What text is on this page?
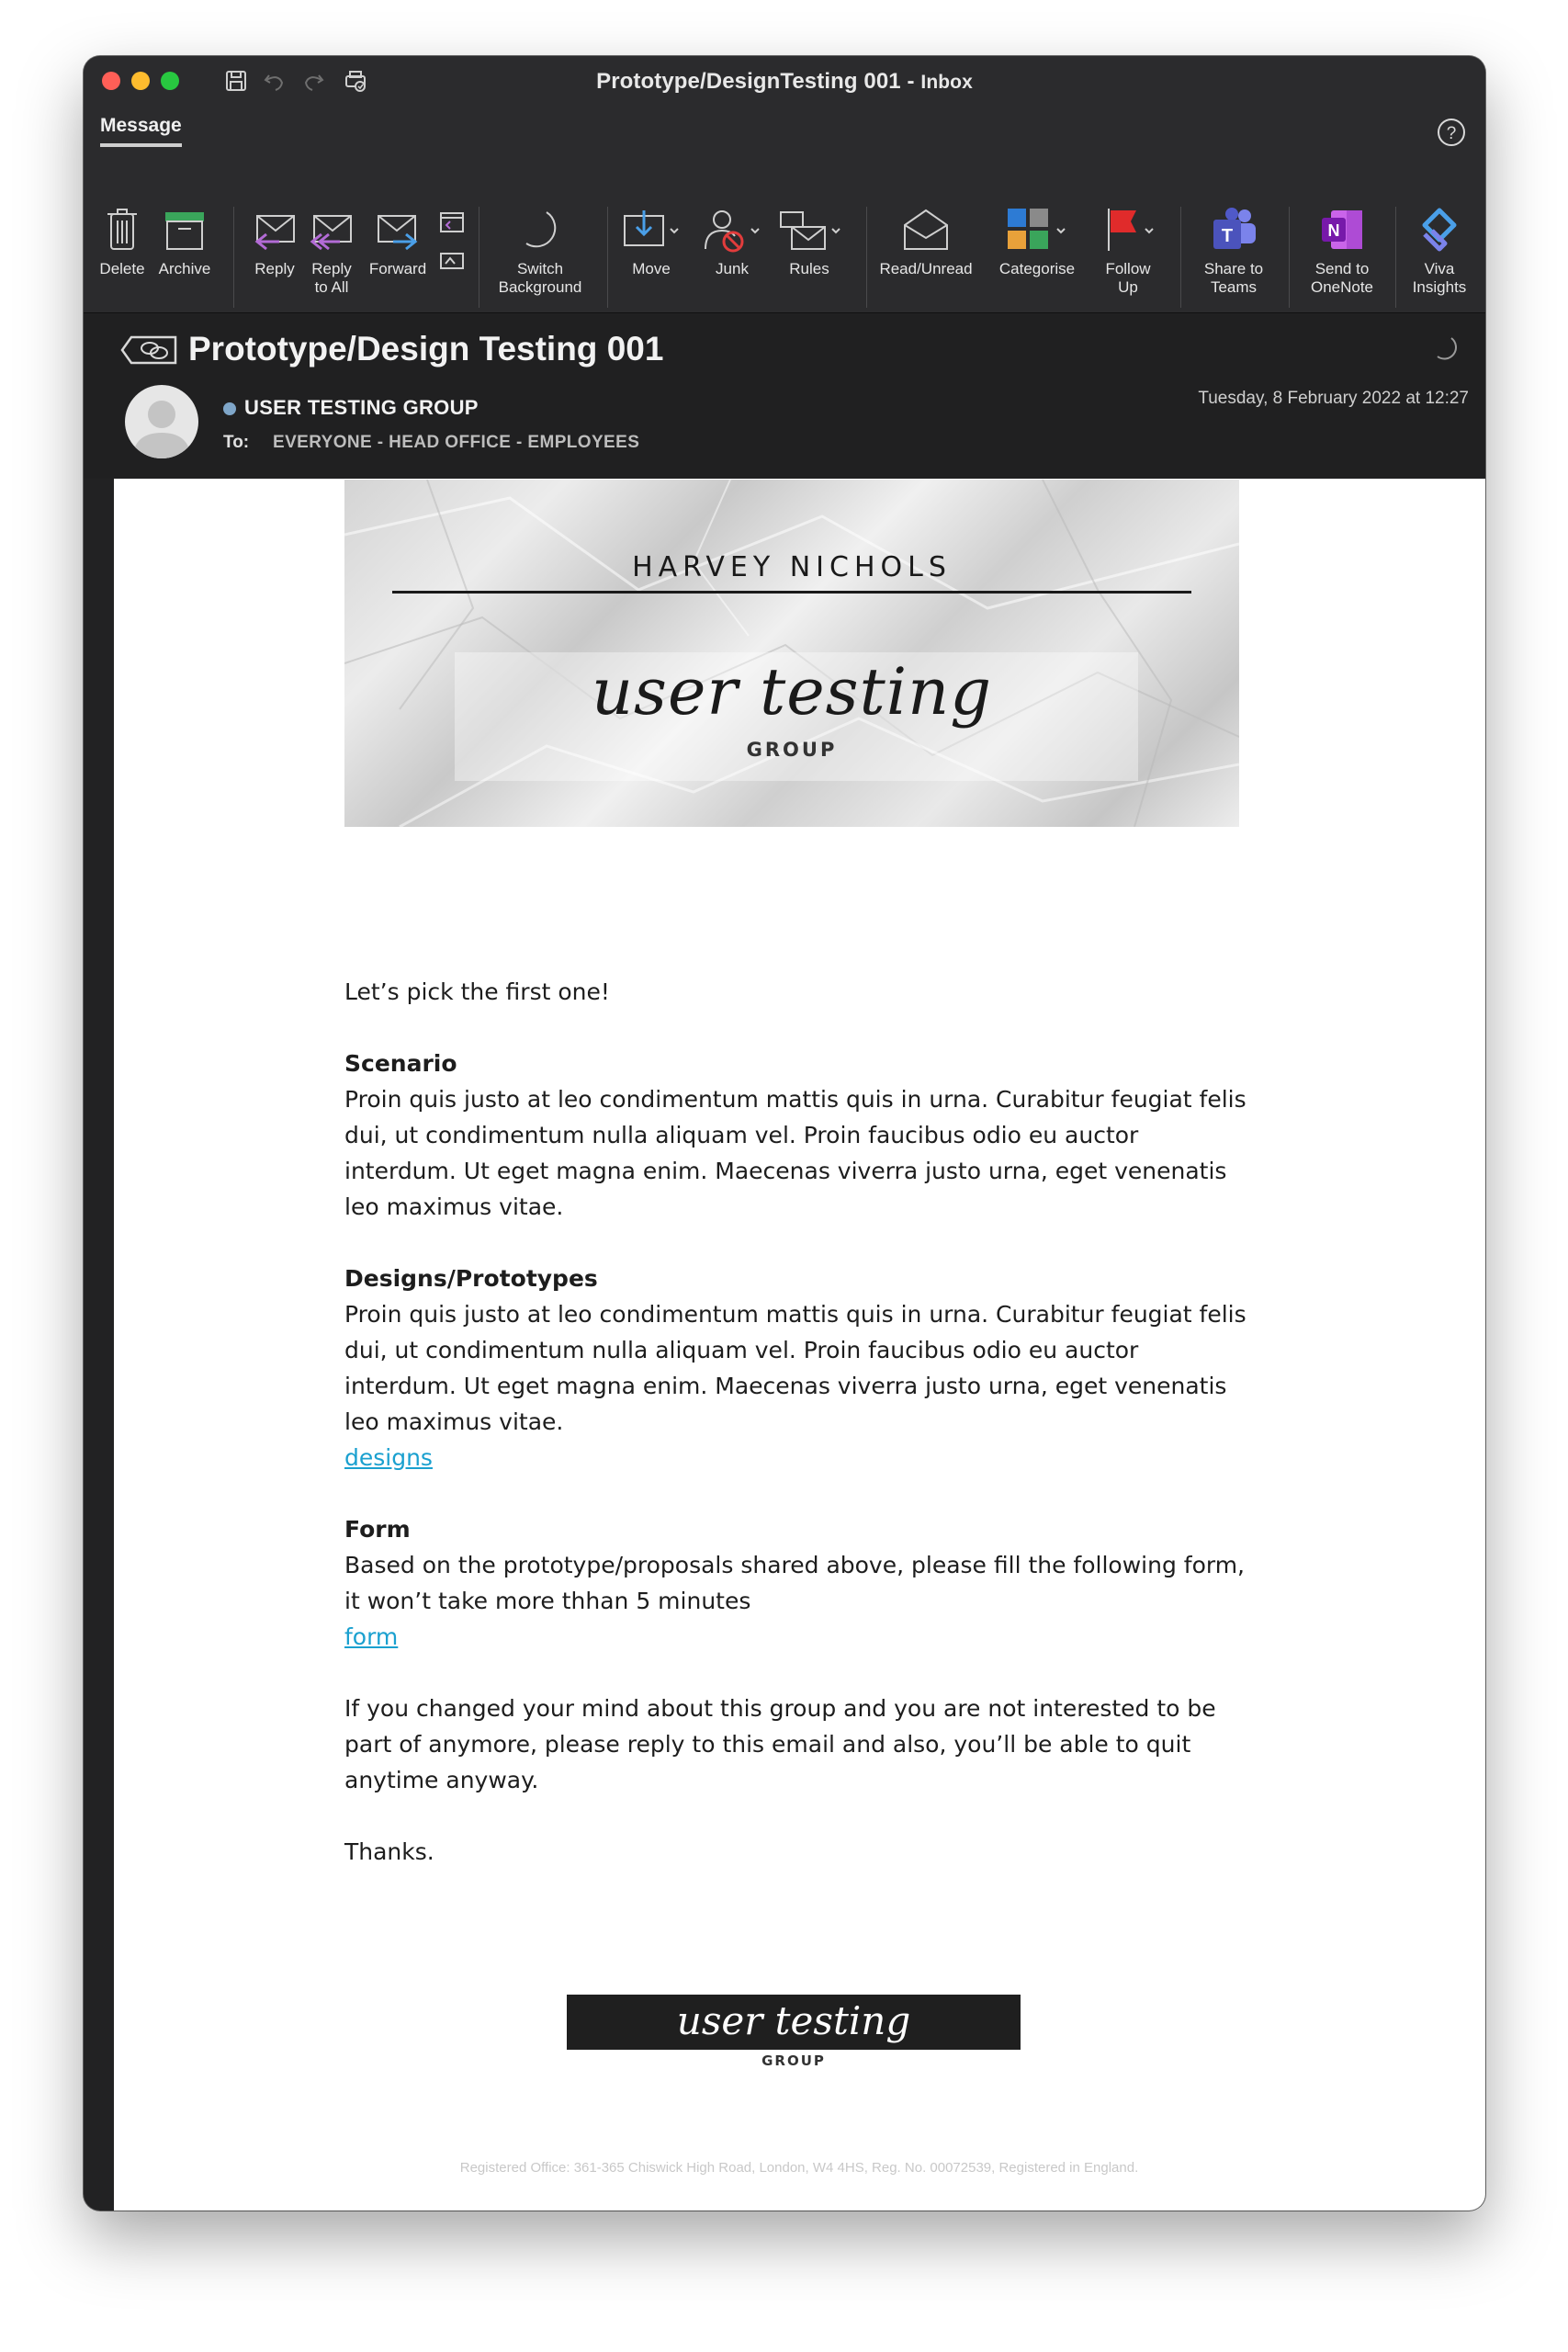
Prototype/DesignTesting 001 - Inbox
Message	?
Delete Archive	Reply	Reply
to All
Forward	Switch
Background
Move	Junk	Rules	Read/Unread	Categorise	Follow
Up
T
Share to
Teams
N
Send to
OneNote
Viva
Insights
Prototype/Design Testing 001
USER TESTING GROUP
To: EVERYONE - HEAD OFFICE - EMPLOYEES
Tuesday, 8 February 2022 at 12:27
HARVEY NICHOLS
user testing
GROUP

Let’s pick the first one!

Scenario

Proin quis justo at leo condimentum mattis quis in urna. Curabitur feugiat felis dui, ut condimentum nulla aliquam vel. Proin faucibus odio eu auctor interdum. Ut eget magna enim. Maecenas viverra justo urna, eget venenatis leo maximus vitae.

Designs/Prototypes

Proin quis justo at leo condimentum mattis quis in urna. Curabitur feugiat felis dui, ut condimentum nulla aliquam vel. Proin faucibus odio eu auctor interdum. Ut eget magna enim. Maecenas viverra justo urna, eget venenatis leo maximus vitae.

designs

Form

Based on the prototype/proposals shared above, please fill the following form, it won’t take more thhan 5 minutes

form

If you changed your mind about this group and you are not interested to be part of anymore, please reply to this email and also, you’ll be able to quit anytime anyway.

Thanks.

user testing
GROUP
Registered Office: 361-365 Chiswick High Road, London, W4 4HS, Reg. No. 00072539, Registered in England.
